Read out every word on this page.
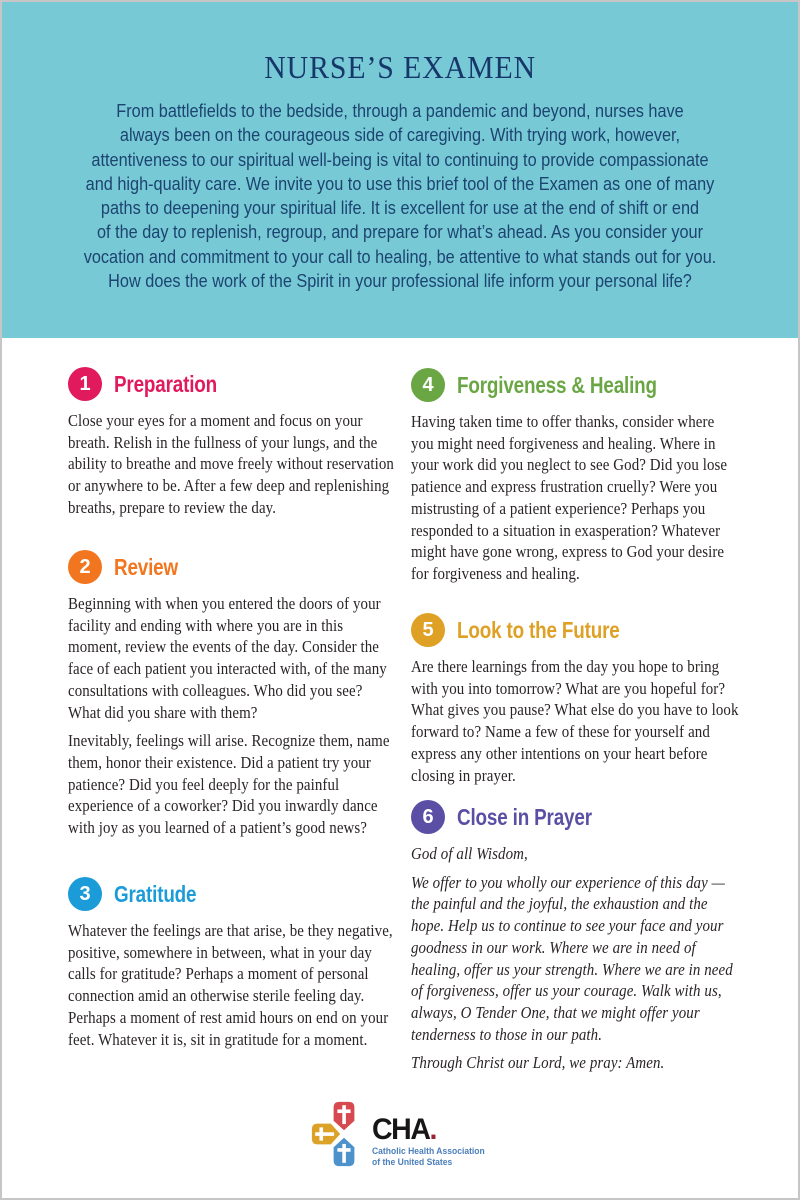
NURSE’S EXAMEN
From battlefields to the bedside, through a pandemic and beyond, nurses have
always been on the courageous side of caregiving. With trying work, however,
attentiveness to our spiritual well-being is vital to continuing to provide compassionate
and high-quality care. We invite you to use this brief tool of the Examen as one of many
paths to deepening your spiritual life. It is excellent for use at the end of shift or end
of the day to replenish, regroup, and prepare for what’s ahead. As you consider your
vocation and commitment to your call to healing, be attentive to what stands out for you.
How does the work of the Spirit in your professional life inform your personal life?
1 Preparation

Close your eyes for a moment and focus on your breath. Relish in the fullness of your lungs, and the ability to breathe and move freely without reservation or anywhere to be. After a few deep and replenishing breaths, prepare to review the day.

2 Review

Beginning with when you entered the doors of your facility and ending with where you are in this moment, review the events of the day. Consider the face of each patient you interacted with, of the many consultations with colleagues. Who did you see? What did you share with them?

Inevitably, feelings will arise. Recognize them, name them, honor their existence. Did a patient try your patience? Did you feel deeply for the painful experience of a coworker? Did you inwardly dance with joy as you learned of a patient’s good news?

3 Gratitude

Whatever the feelings are that arise, be they negative, positive, somewhere in between, what in your day calls for gratitude? Perhaps a moment of personal connection amid an otherwise sterile feeling day. Perhaps a moment of rest amid hours on end on your feet. Whatever it is, sit in gratitude for a moment.

4 Forgiveness & Healing

Having taken time to offer thanks, consider where you might need forgiveness and healing. Where in your work did you neglect to see God? Did you lose patience and express frustration cruelly? Were you mistrusting of a patient experience? Perhaps you responded to a situation in exasperation? Whatever might have gone wrong, express to God your desire for forgiveness and healing.

5 Look to the Future

Are there learnings from the day you hope to bring with you into tomorrow? What are you hopeful for? What gives you pause? What else do you have to look forward to? Name a few of these for yourself and express any other intentions on your heart before closing in prayer.

6 Close in Prayer

God of all Wisdom,

We offer to you wholly our experience of this day — the painful and the joyful, the exhaustion and the hope. Help us to continue to see your face and your goodness in our work. Where we are in need of healing, offer us your strength. Where we are in need of forgiveness, offer us your courage. Walk with us, always, O Tender One, that we might offer your tenderness to those in our path.

Through Christ our Lord, we pray: Amen.

CHA.
Catholic Health Association
of the United States
